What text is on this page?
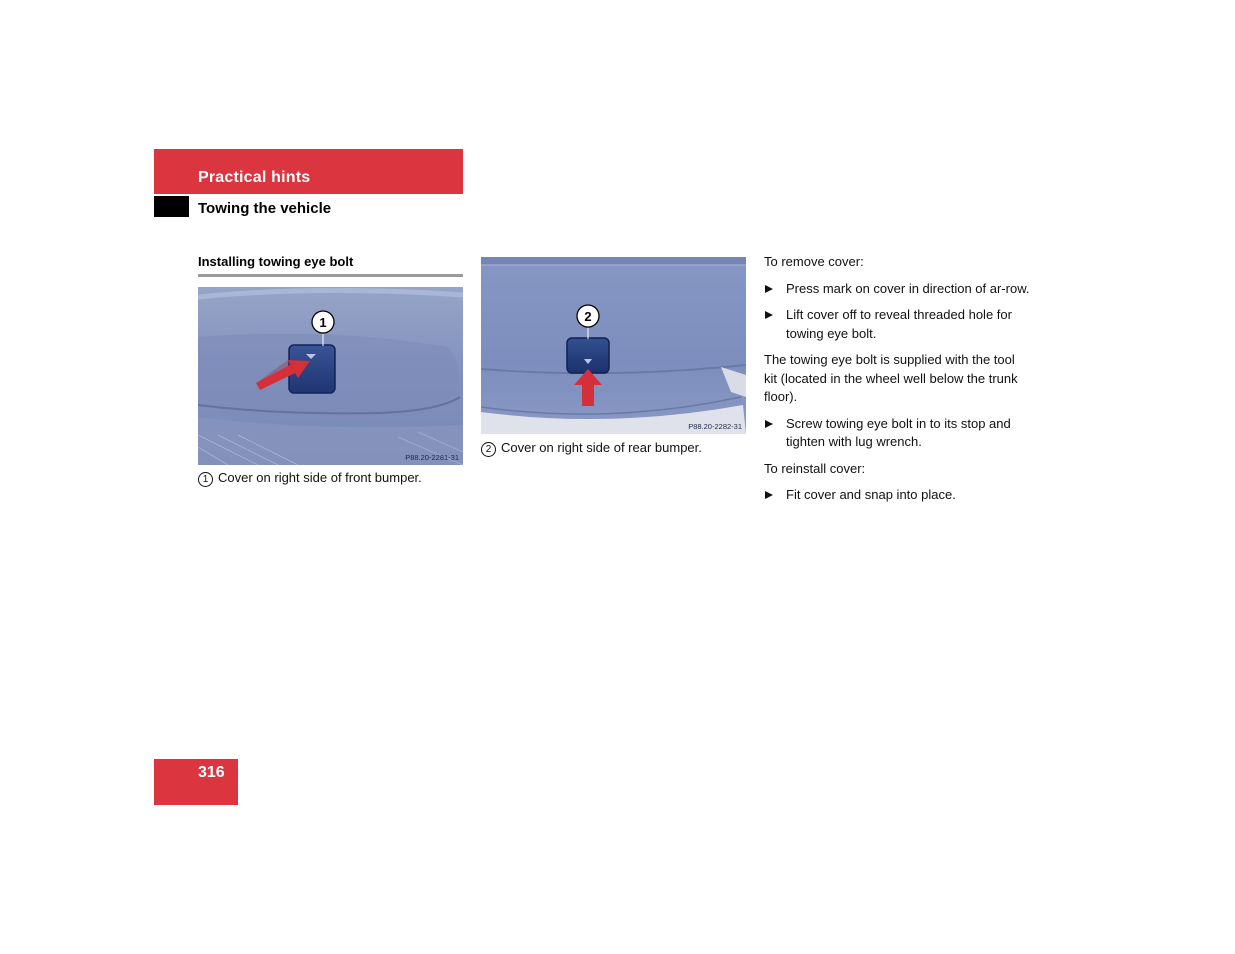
Practical hints
Towing the vehicle
Installing towing eye bolt
1
P88.20-2281-31
1 Cover on right side of front bumper.
2
P88.20-2282-31
2 Cover on right side of rear bumper.

To remove cover:

Press mark on cover in direction of ar-row.
Lift cover off to reveal threaded hole for towing eye bolt.

The towing eye bolt is supplied with the tool kit (located in the wheel well below the trunk floor).

Screw towing eye bolt in to its stop and tighten with lug wrench.

To reinstall cover:

Fit cover and snap into place.
316
